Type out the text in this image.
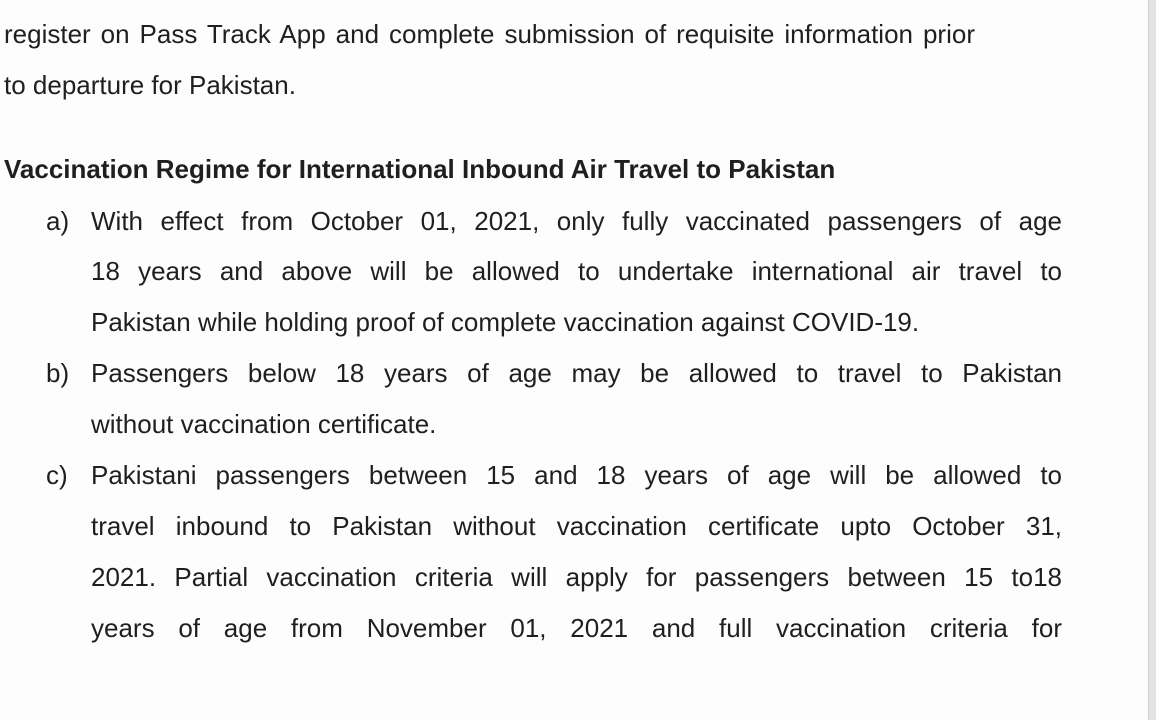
register on Pass Track App and complete submission of requisite information prior
to departure for Pakistan.
Vaccination Regime for International Inbound Air Travel to Pakistan
a) With effect from October 01, 2021, only fully vaccinated passengers of age
18 years and above will be allowed to undertake international air travel to
Pakistan while holding proof of complete vaccination against COVID-19.
b) Passengers below 18 years of age may be allowed to travel to Pakistan
without vaccination certificate.
c) Pakistani passengers between 15 and 18 years of age will be allowed to
travel inbound to Pakistan without vaccination certificate upto October 31,
2021. Partial vaccination criteria will apply for passengers between 15 to18
years of age from November 01, 2021 and full vaccination criteria for
